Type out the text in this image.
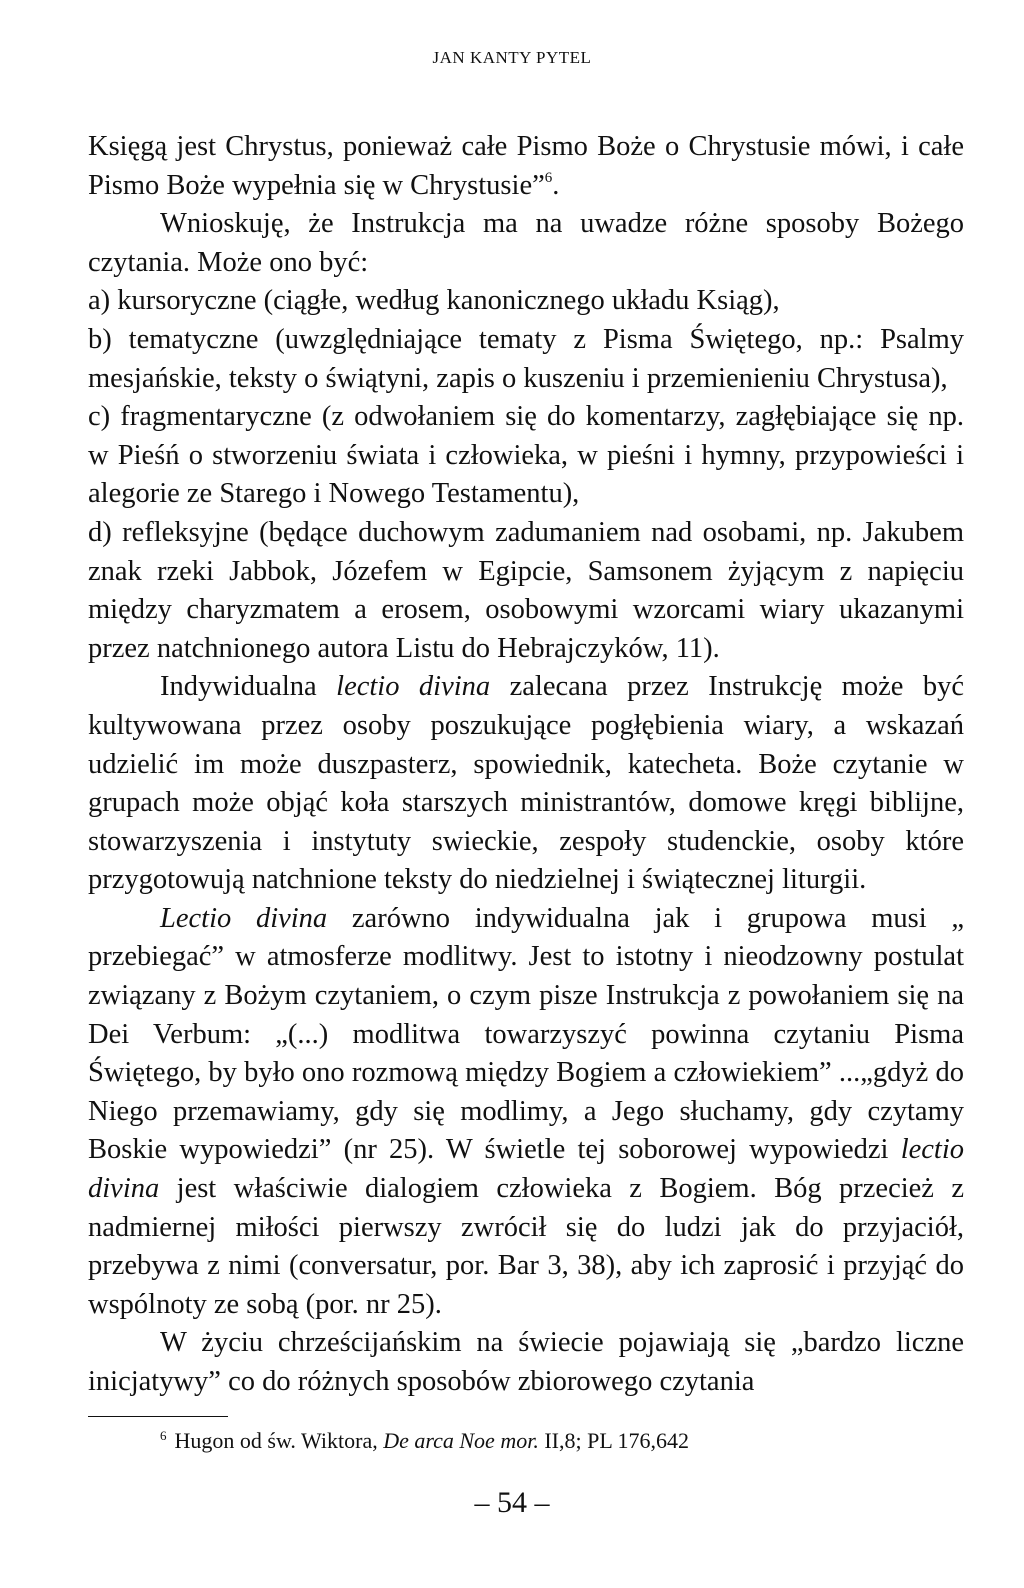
JAN KANTY PYTEL

Księgą jest Chrystus, ponieważ całe Pismo Boże o Chrystusie mówi, i całe Pismo Boże wypełnia się w Chrystusie”$^6$.

Wnioskuję, że Instrukcja ma na uwadze różne sposoby Bożego czytania. Może ono być:

a) kursoryczne (ciągłe, według kanonicznego układu Ksiąg),

b) tematyczne (uwzględniające tematy z Pisma Świętego, np.: Psalmy mesjańskie, teksty o świątyni, zapis o kuszeniu i przemienieniu Chrystusa),

c) fragmentaryczne (z odwołaniem się do komentarzy, zagłębiające się np. w Pieśń o stworzeniu świata i człowieka, w pieśni i hymny, przypowieści i alegorie ze Starego i Nowego Testamentu),

d) refleksyjne (będące duchowym zadumaniem nad osobami, np. Jakubem znak rzeki Jabbok, Józefem w Egipcie, Samsonem żyjącym z napięciu między charyzmatem a erosem, osobowymi wzorcami wiary ukazanymi przez natchnionego autora Listu do Hebrajczyków, 11).

Indywidualna lectio divina zalecana przez Instrukcję może być kultywowana przez osoby poszukujące pogłębienia wiary, a wskazań udzielić im może duszpasterz, spowiednik, katecheta. Boże czytanie w grupach może objąć koła starszych ministrantów, domowe kręgi biblijne, stowarzyszenia i instytuty swieckie, zespoły studenckie, osoby które przygotowują natchnione teksty do niedzielnej i świątecznej liturgii.

Lectio divina zarówno indywidualna jak i grupowa musi „ przebiegać” w atmosferze modlitwy. Jest to istotny i nieodzowny postulat związany z Bożym czytaniem, o czym pisze Instrukcja z powołaniem się na Dei Verbum: „(...) modlitwa towarzyszyć powinna czytaniu Pisma Świętego, by było ono rozmową między Bogiem a człowiekiem” ...„gdyż do Niego przemawiamy, gdy się modlimy, a Jego słuchamy, gdy czytamy Boskie wypowiedzi” (nr 25). W świetle tej soborowej wypowiedzi lectio divina jest właściwie dialogiem człowieka z Bogiem. Bóg przecież z nadmiernej miłości pierwszy zwrócił się do ludzi jak do przyjaciół, przebywa z nimi (conversatur, por. Bar 3, 38), aby ich zaprosić i przyjąć do wspólnoty ze sobą (por. nr 25).

W życiu chrześcijańskim na świecie pojawiają się „bardzo liczne inicjatywy” co do różnych sposobów zbiorowego czytania

$^6$ Hugon od św. Wiktora, De arca Noe mor. II,8; PL 176,642
– 54 –
